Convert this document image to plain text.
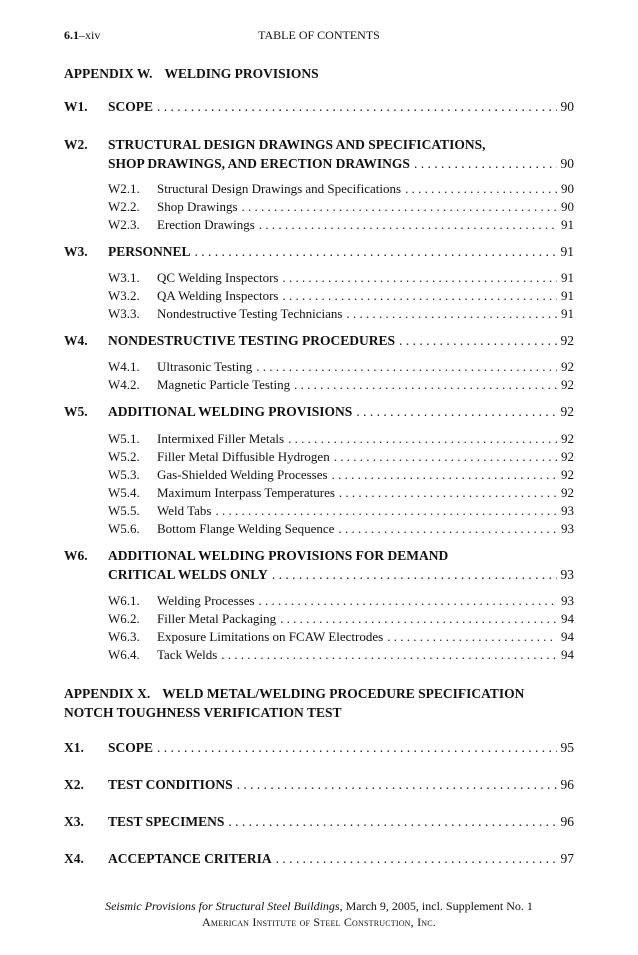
6.1–xiv	TABLE OF CONTENTS
APPENDIX W. WELDING PROVISIONS
W1. SCOPE . . .	90
W2. STRUCTURAL DESIGN DRAWINGS AND SPECIFICATIONS,
SHOP DRAWINGS, AND ERECTION DRAWINGS . . .	90
W2.1. Structural Design Drawings and Specifications . . .	90
W2.2. Shop Drawings . . .	90
W2.3. Erection Drawings . . .	91
W3. PERSONNEL . . .	91
W3.1. QC Welding Inspectors . . .	91
W3.2. QA Welding Inspectors . . .	91
W3.3. Nondestructive Testing Technicians . . .	91
W4. NONDESTRUCTIVE TESTING PROCEDURES . . .	92
W4.1. Ultrasonic Testing . . .	92
W4.2. Magnetic Particle Testing . . .	92
W5. ADDITIONAL WELDING PROVISIONS . . .	92
W5.1. Intermixed Filler Metals . . .	92
W5.2. Filler Metal Diffusible Hydrogen . . .	92
W5.3. Gas-Shielded Welding Processes . . .	92
W5.4. Maximum Interpass Temperatures . . .	92
W5.5. Weld Tabs . . .	93
W5.6. Bottom Flange Welding Sequence . . .	93
W6. ADDITIONAL WELDING PROVISIONS FOR DEMAND
CRITICAL WELDS ONLY . . .	93
W6.1. Welding Processes . . .	93
W6.2. Filler Metal Packaging . . .	94
W6.3. Exposure Limitations on FCAW Electrodes . . .	94
W6.4. Tack Welds . . .	94
APPENDIX X. WELD METAL/WELDING PROCEDURE SPECIFICATION
NOTCH TOUGHNESS VERIFICATION TEST
X1. SCOPE . . .	95
X2. TEST CONDITIONS . . .	96
X3. TEST SPECIMENS . . .	96
X4. ACCEPTANCE CRITERIA . . .	97
Seismic Provisions for Structural Steel Buildings, March 9, 2005, incl. Supplement No. 1
American Institute of Steel Construction, Inc.
